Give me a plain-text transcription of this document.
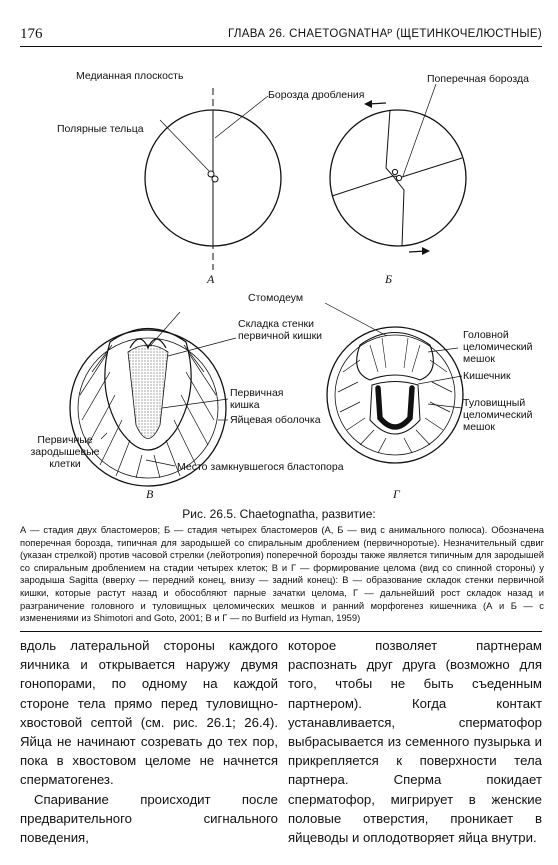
176	ГЛАВА 26. CHAETOGNATHAᴾ (ЩЕТИНКОЧЕЛЮСТНЫЕ)
Медианная плоскость
Борозда дробления
Полярные тельца
Поперечная борозда
А	Б
Стомодеум
Складка стенки
первичной кишки	Головной
целомический
мешок
Кишечник
Первичная
кишка	Туловищный
целомический
мешок
Яйцевая оболочка
Первичные
зародышевые
клетки	Место замкнувшегося бластопора
В	Г
Рис. 26.5. Chaetognatha, развитие:
А — стадия двух бластомеров; Б — стадия четырех бластомеров (А, Б — вид с анимального полюса). Обозначена поперечная борозда, типичная для зародышей со спиральным дроблением (первичноротые). Незначительный сдвиг (указан стрелкой) против часовой стрелки (лейотропия) поперечной борозды также является типичным для зародышей со спиральным дроблением на стадии четырех клеток; В и Г — формирование целома (вид со спинной стороны) у зародыша Sagitta (вверху — передний конец, внизу — задний конец): В — образование складок стенки первичной кишки, которые растут назад и обособляют парные зачатки целома, Г — дальнейший рост складок назад и разграничение головного и туловищных целомических мешков и ранний морфогенез кишечника (А и Б — с изменениями из Shimotori and Goto, 2001; В и Г — по Burfield из Hyman, 1959)

вдоль латеральной стороны каждого яичника и открывается наружу двумя гонопорами, по одному на каждой стороне тела прямо перед туловищно-хвостовой септой (см. рис. 26.1; 26.4). Яйца не начинают созревать до тех пор, пока в хвостовом целоме не начнется сперматогенез.

Спаривание происходит после предварительного сигнального поведения,

которое позволяет партнерам распознать друг друга (возможно для того, чтобы не быть съеденным партнером). Когда контакт устанавливается, сперматофор выбрасывается из семенного пузырька и прикрепляется к поверхности тела партнера. Сперма покидает сперматофор, мигрирует в женские половые отверстия, проникает в яйцеводы и оплодотворяет яйца внутри.
